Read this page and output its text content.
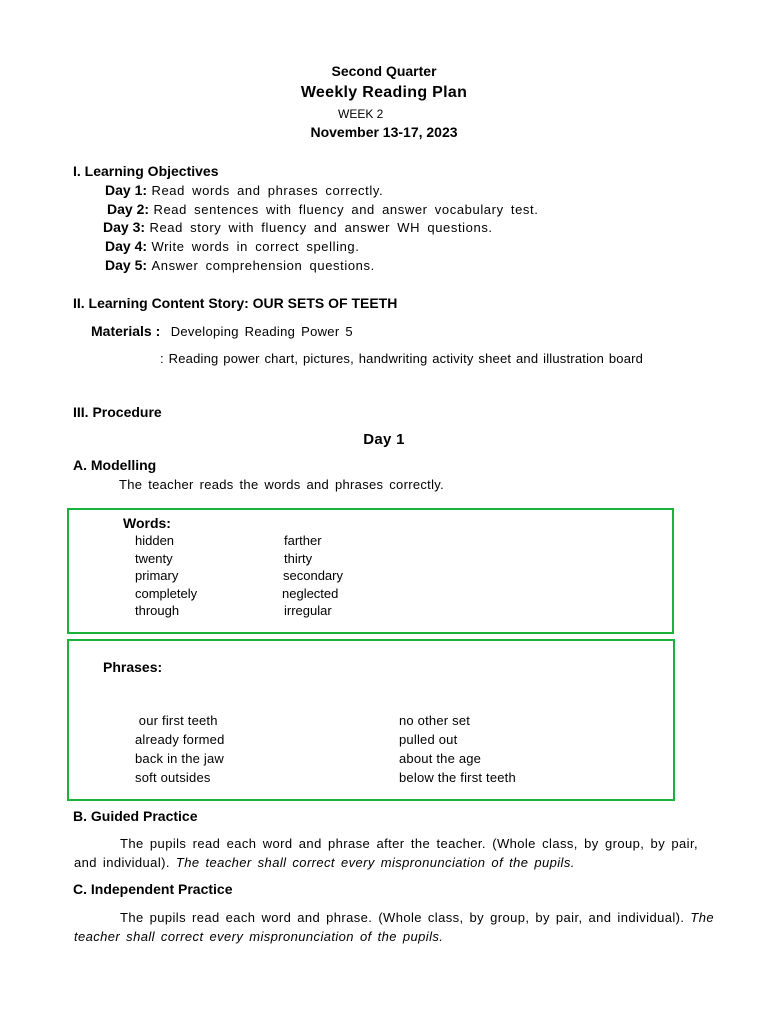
Second Quarter
Weekly Reading Plan
WEEK 2
November 13-17, 2023
I. Learning Objectives
Day 1: Read words and phrases correctly.
Day 2: Read sentences with fluency and answer vocabulary test.
Day 3: Read story with fluency and answer WH questions.
Day 4: Write words in correct spelling.
Day 5: Answer comprehension questions.
II. Learning Content Story: OUR SETS OF TEETH
Materials : Developing Reading Power 5
: Reading power chart, pictures, handwriting activity sheet and illustration board
III. Procedure
Day 1
A. Modelling
The teacher reads the words and phrases correctly.
Words:
hidden
twenty
primary
completely
through
farther
thirty
secondary
neglected
irregular
Phrases:
our first teeth
already formed
back in the jaw
soft outsides
no other set
pulled out
about the age
below the first teeth
B. Guided Practice
The pupils read each word and phrase after the teacher. (Whole class, by group, by pair, and individual). The teacher shall correct every mispronunciation of the pupils.
C. Independent Practice
The pupils read each word and phrase. (Whole class, by group, by pair, and individual). The teacher shall correct every mispronunciation of the pupils.
